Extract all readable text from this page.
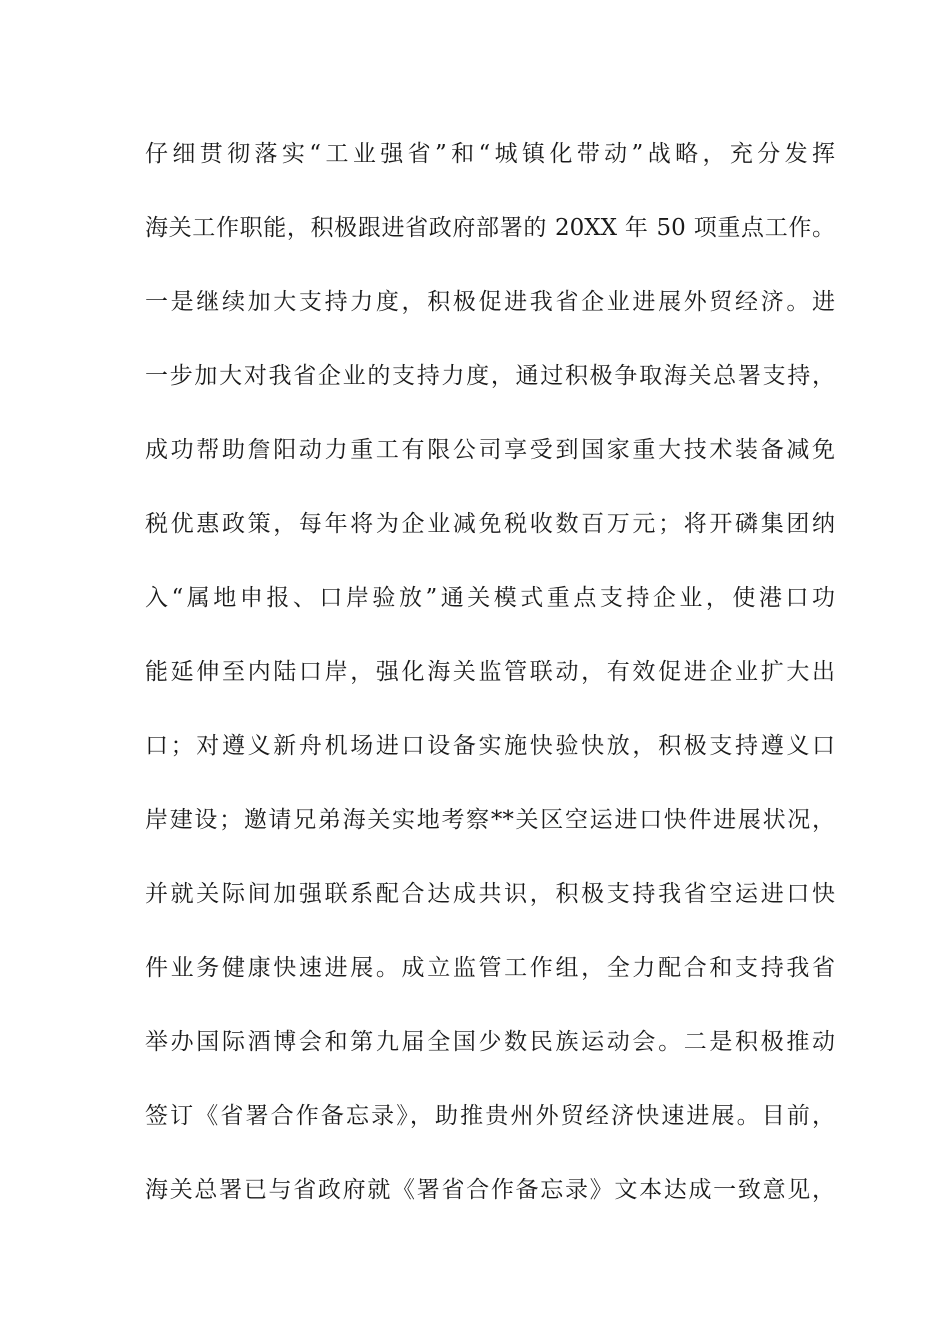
仔细贯彻落实“工业强省”和“城镇化带动”战略，充分发挥
海关工作职能，积极跟进省政府部署的 20XX 年 50 项重点工作。
一是继续加大支持力度，积极促进我省企业进展外贸经济。进
一步加大对我省企业的支持力度，通过积极争取海关总署支持，
成功帮助詹阳动力重工有限公司享受到国家重大技术装备减免
税优惠政策，每年将为企业减免税收数百万元；将开磷集团纳
入“属地申报、口岸验放”通关模式重点支持企业，使港口功
能延伸至内陆口岸，强化海关监管联动，有效促进企业扩大出
口；对遵义新舟机场进口设备实施快验快放，积极支持遵义口
岸建设；邀请兄弟海关实地考察**关区空运进口快件进展状况，
并就关际间加强联系配合达成共识，积极支持我省空运进口快
件业务健康快速进展。成立监管工作组，全力配合和支持我省
举办国际酒博会和第九届全国少数民族运动会。二是积极推动
签订《省署合作备忘录》，助推贵州外贸经济快速进展。目前，
海关总署已与省政府就《署省合作备忘录》文本达成一致意见，
